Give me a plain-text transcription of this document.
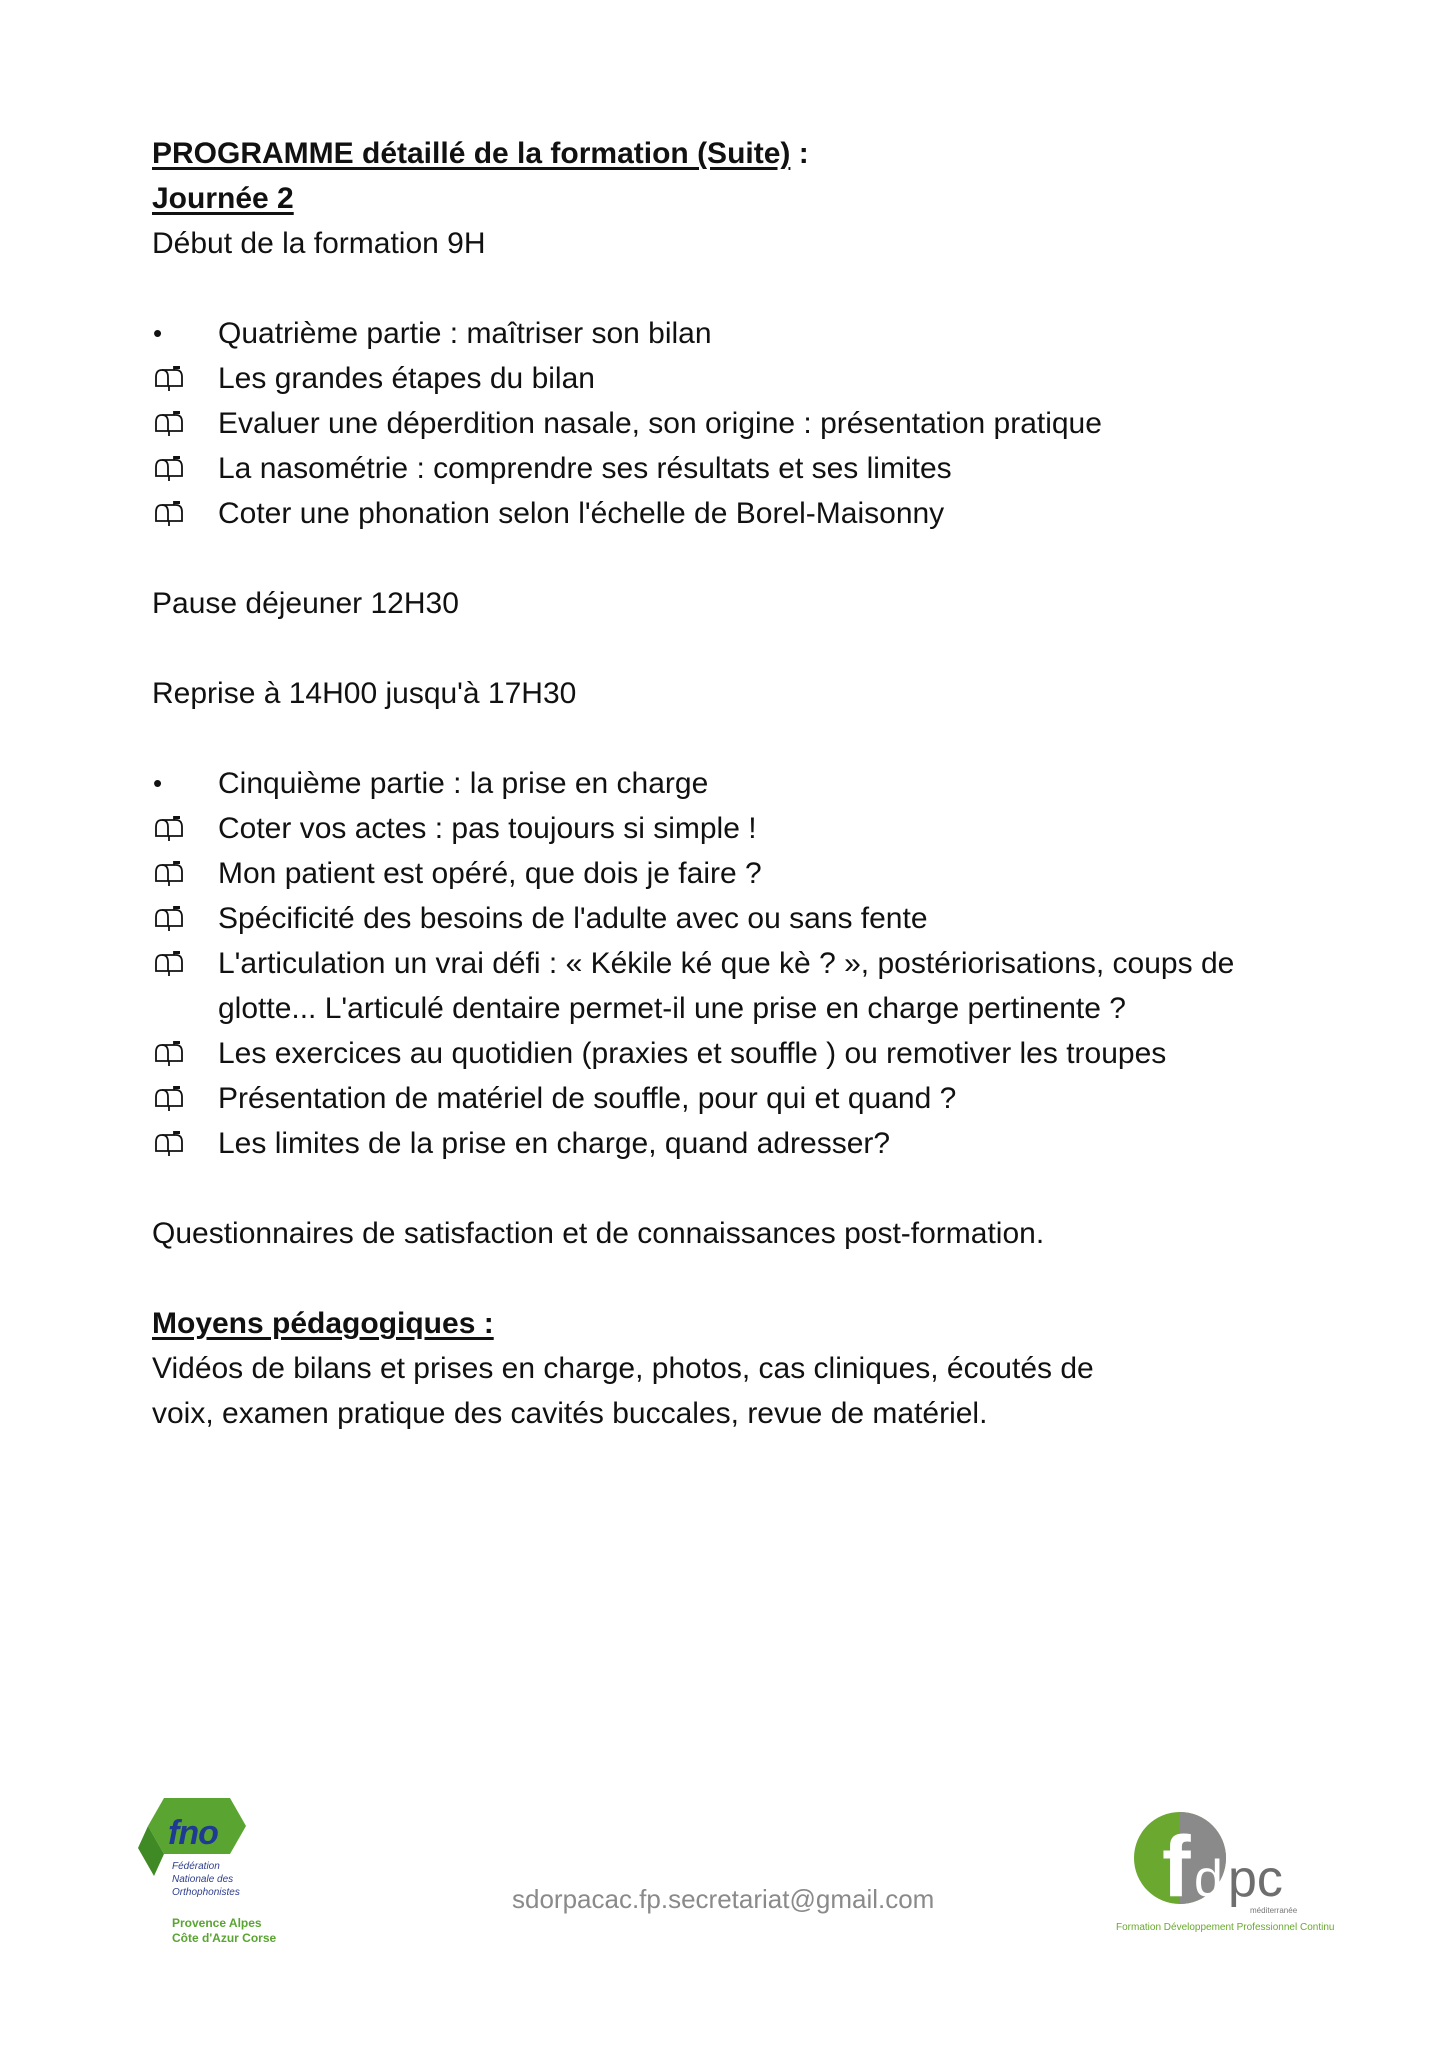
PROGRAMME détaillé de la formation (Suite) :
Journée 2
Début de la formation 9H
• Quatrième partie : maîtriser son bilan
Les grandes étapes du bilan
Evaluer une déperdition nasale, son origine : présentation pratique
La nasométrie : comprendre ses résultats et ses limites
Coter une phonation selon l'échelle de Borel-Maisonny
Pause déjeuner 12H30
Reprise à 14H00 jusqu'à 17H30
• Cinquième partie : la prise en charge
Coter vos actes : pas toujours si simple !
Mon patient est opéré, que dois je faire ?
Spécificité des besoins de l'adulte avec ou sans fente
L'articulation un vrai défi : « Kékile ké que kè ? », postériorisations, coups de glotte... L'articulé dentaire permet-il une prise en charge pertinente ?
Les exercices au quotidien (praxies et souffle ) ou remotiver les troupes
Présentation de matériel de souffle, pour qui et quand ?
Les limites de la prise en charge, quand adresser?
Questionnaires de satisfaction et de connaissances post-formation.
Moyens pédagogiques :
Vidéos de bilans et prises en charge, photos, cas cliniques, écoutés de
voix, examen pratique des cavités buccales, revue de matériel.
fno
Fédération
Nationale des
Orthophonistes
Provence Alpes
Côte d'Azur Corse
sdorpacac.fp.secretariat@gmail.com	f d pc
méditerranée
Formation Développement Professionnel Continu
